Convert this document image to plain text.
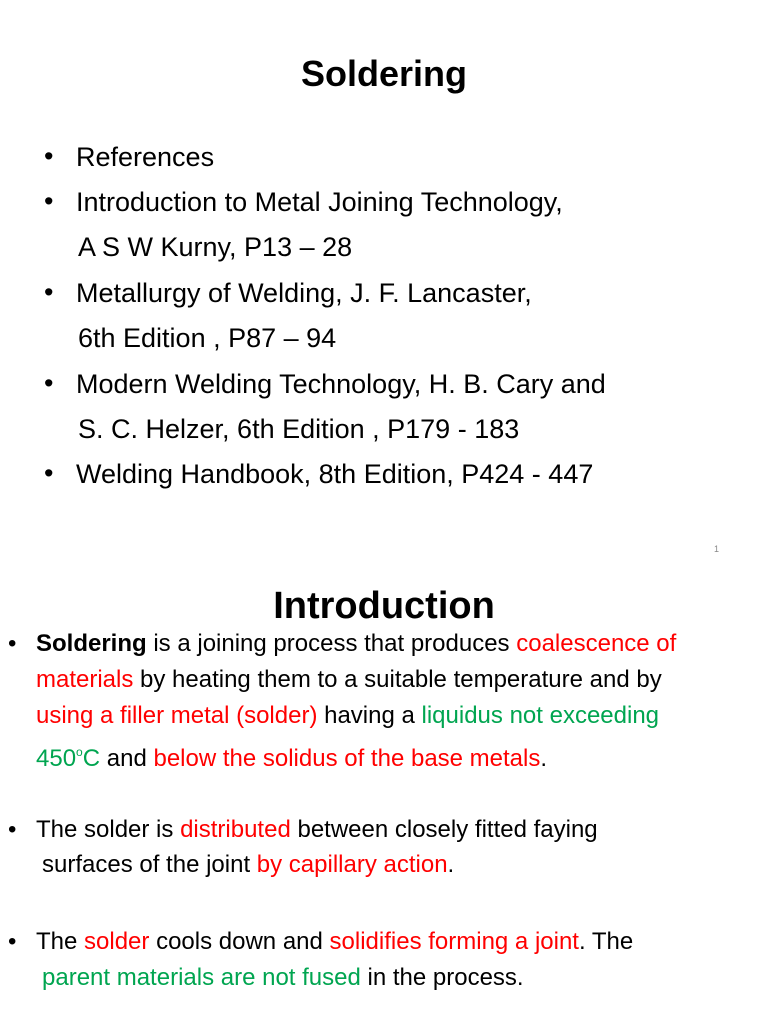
Soldering
• References
• Introduction to Metal Joining Technology,
A S W Kurny, P13 – 28
• Metallurgy of Welding, J. F. Lancaster,
6th Edition , P87 – 94
• Modern Welding Technology, H. B. Cary and
S. C. Helzer, 6th Edition , P179 - 183
• Welding Handbook, 8th Edition, P424 - 447
1
Introduction
• Soldering is a joining process that produces coalescence of
materials by heating them to a suitable temperature and by
using a filler metal (solder) having a liquidus not exceeding
450$^o$C and below the solidus of the base metals.
• The solder is distributed between closely fitted faying
surfaces of the joint by capillary action.
• The solder cools down and solidifies forming a joint. The
parent materials are not fused in the process.
